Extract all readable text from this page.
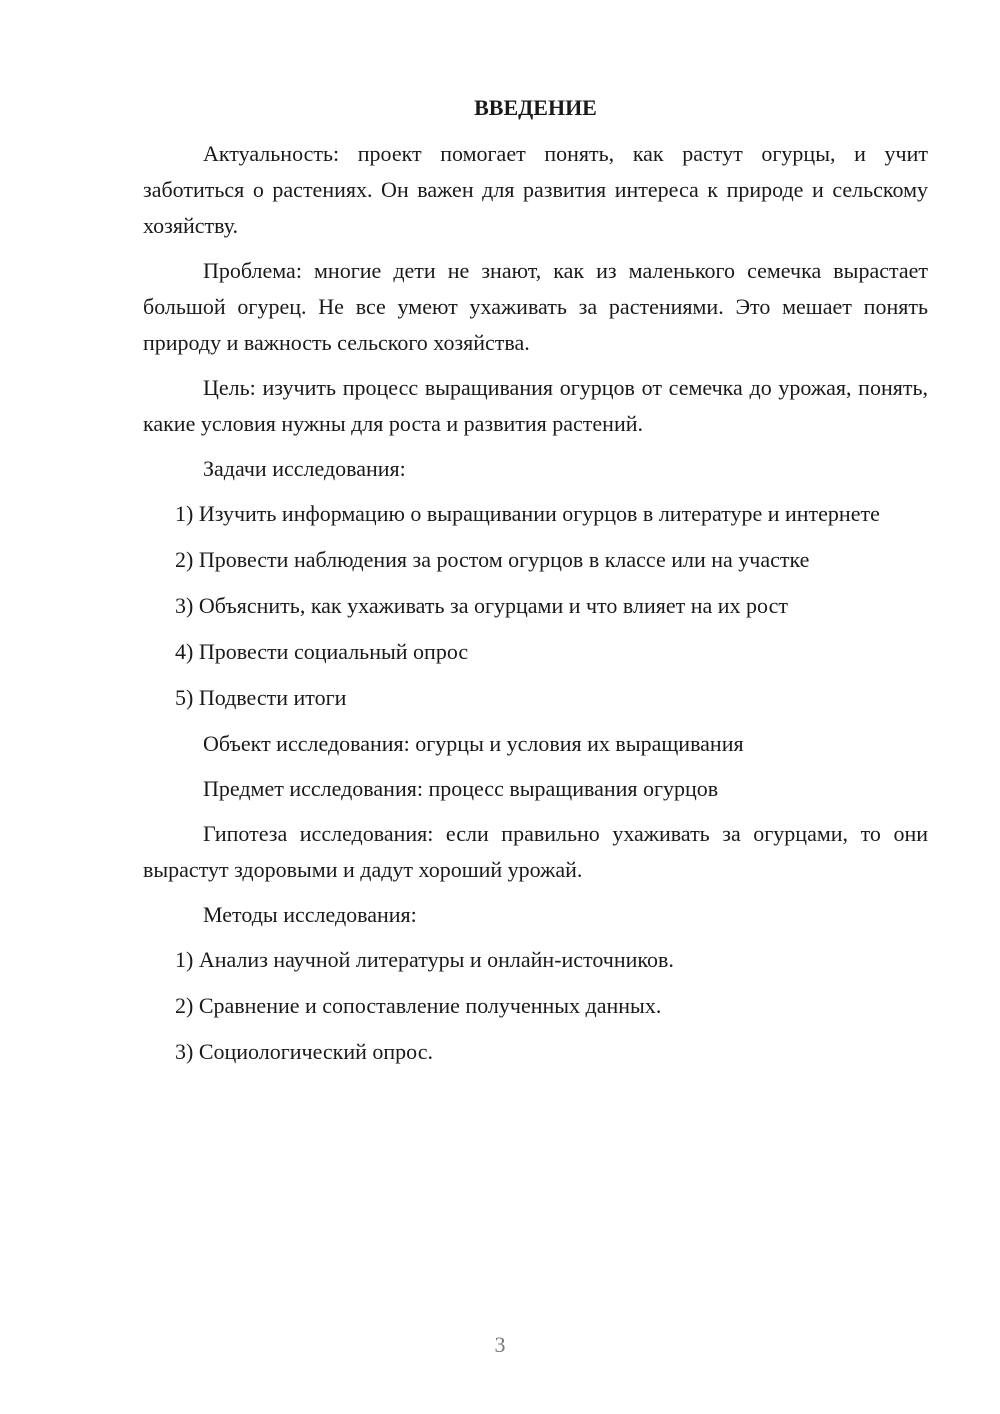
ВВЕДЕНИЕ

Актуальность: проект помогает понять, как растут огурцы, и учит заботиться о растениях. Он важен для развития интереса к природе и сельскому хозяйству.

Проблема: многие дети не знают, как из маленького семечка вырастает большой огурец. Не все умеют ухаживать за растениями. Это мешает понять природу и важность сельского хозяйства.

Цель: изучить процесс выращивания огурцов от семечка до урожая, понять, какие условия нужны для роста и развития растений.

Задачи исследования:

1) Изучить информацию о выращивании огурцов в литературе и интернете

2) Провести наблюдения за ростом огурцов в классе или на участке

3) Объяснить, как ухаживать за огурцами и что влияет на их рост

4) Провести социальный опрос

5) Подвести итоги

Объект исследования: огурцы и условия их выращивания

Предмет исследования: процесс выращивания огурцов

Гипотеза исследования: если правильно ухаживать за огурцами, то они вырастут здоровыми и дадут хороший урожай.

Методы исследования:

1) Анализ научной литературы и онлайн-источников.

2) Сравнение и сопоставление полученных данных.

3) Социологический опрос.

3
